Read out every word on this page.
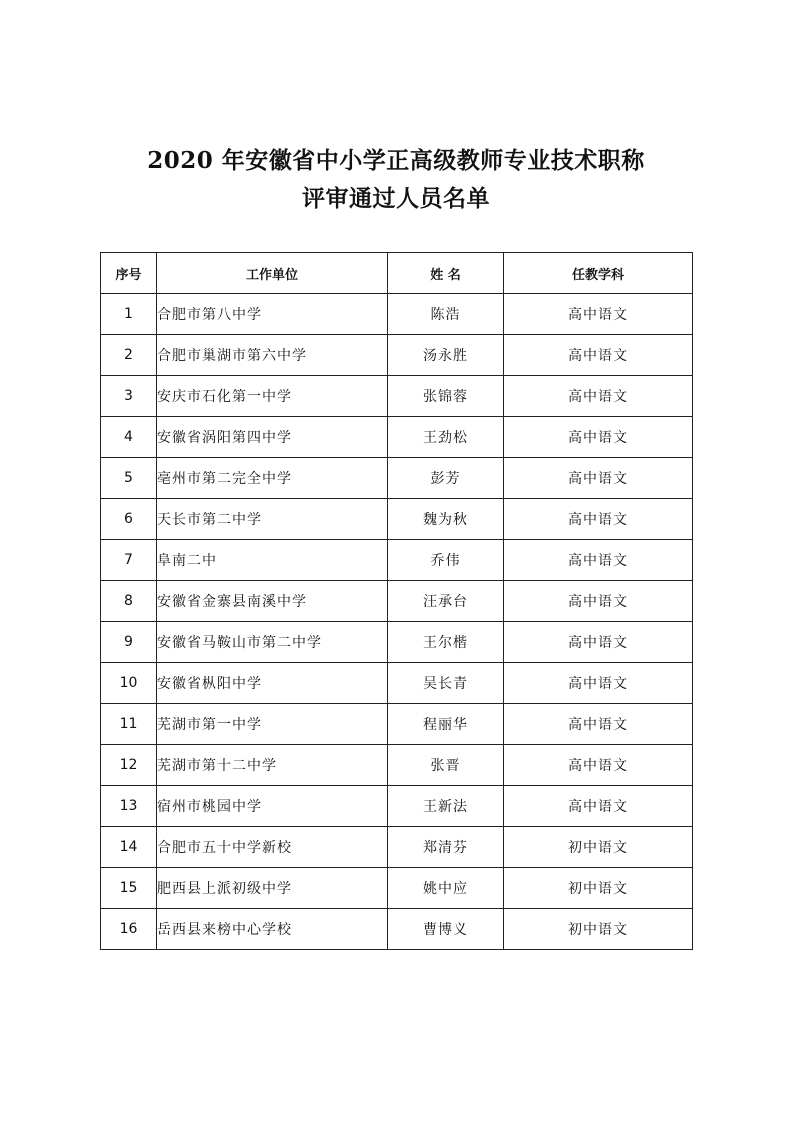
2020 年安徽省中小学正高级教师专业技术职称
评审通过人员名单
序号	工作单位	姓 名	任教学科
1	合肥市第八中学	陈浩	高中语文
2	合肥市巢湖市第六中学	汤永胜	高中语文
3	安庆市石化第一中学	张锦蓉	高中语文
4	安徽省涡阳第四中学	王劲松	高中语文
5	亳州市第二完全中学	彭芳	高中语文
6	天长市第二中学	魏为秋	高中语文
7	阜南二中	乔伟	高中语文
8	安徽省金寨县南溪中学	汪承台	高中语文
9	安徽省马鞍山市第二中学	王尔楷	高中语文
10	安徽省枞阳中学	吴长青	高中语文
11	芜湖市第一中学	程丽华	高中语文
12	芜湖市第十二中学	张晋	高中语文
13	宿州市桃园中学	王新法	高中语文
14	合肥市五十中学新校	郑清芬	初中语文
15	肥西县上派初级中学	姚中应	初中语文
16	岳西县来榜中心学校	曹博义	初中语文
